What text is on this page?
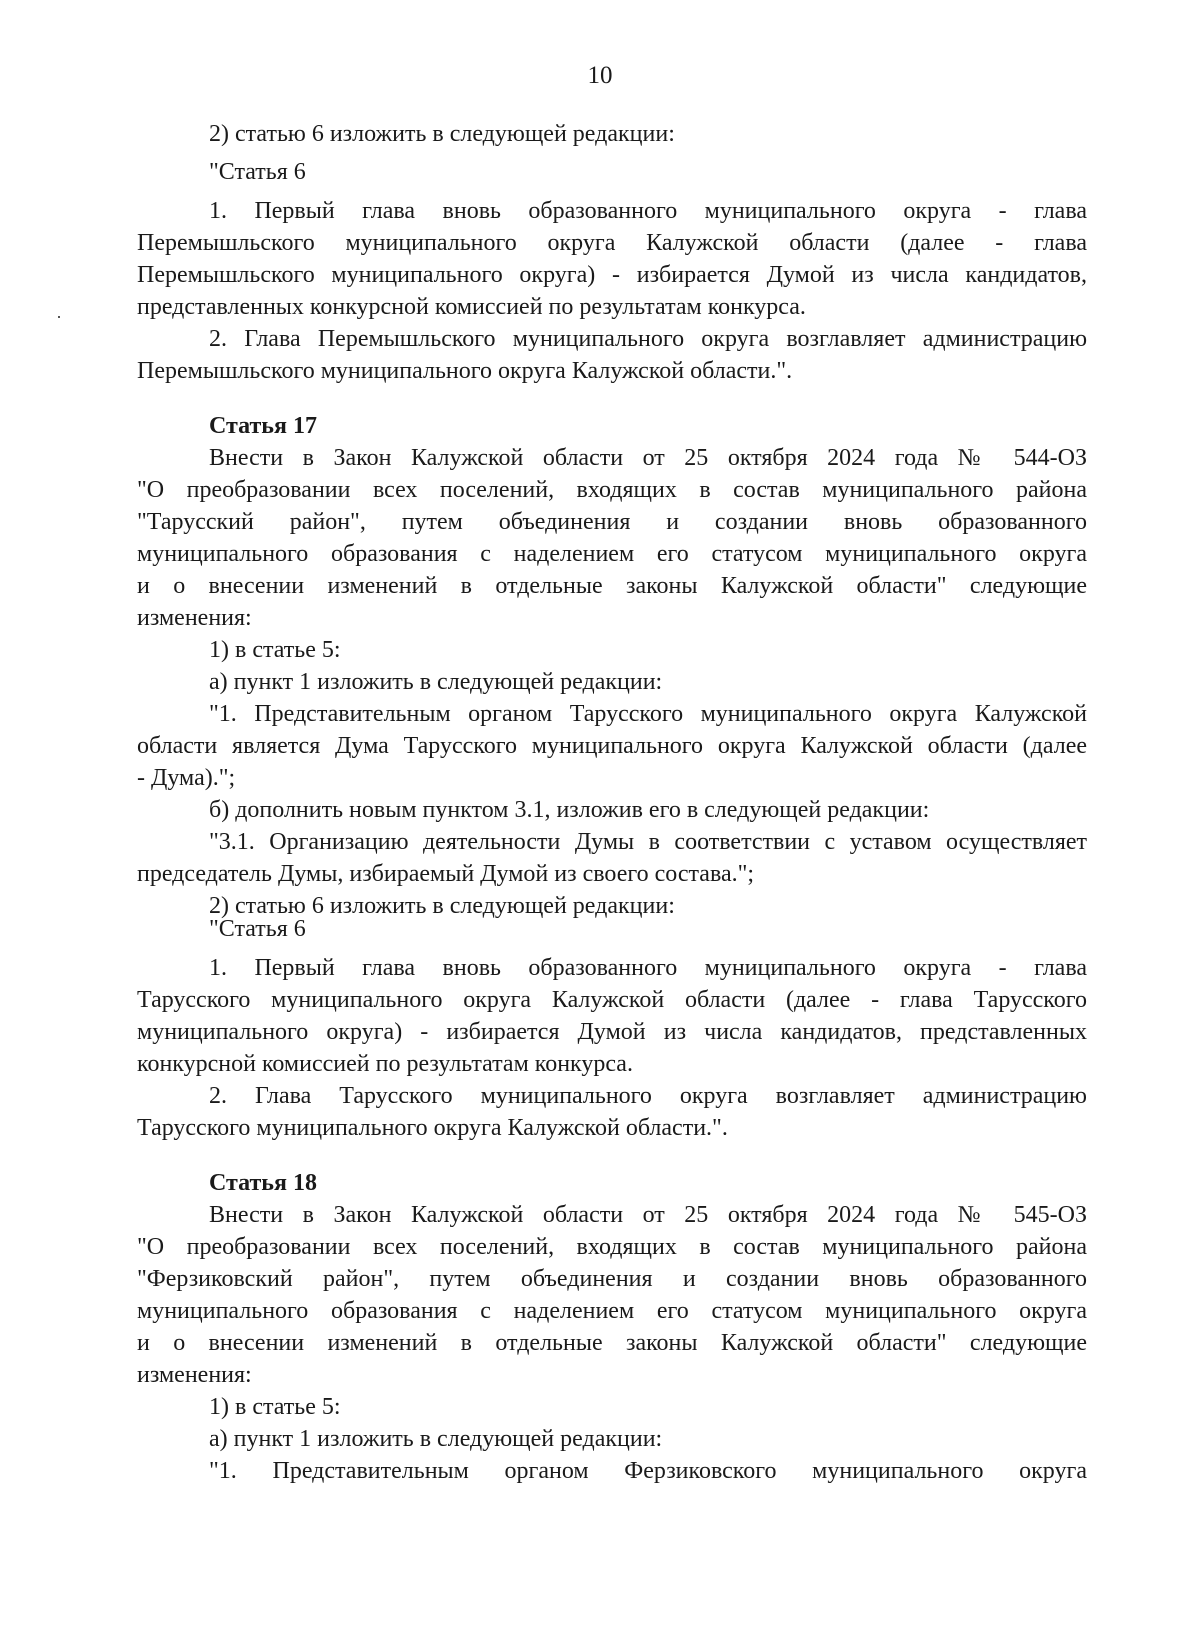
10
2) статью 6 изложить в следующей редакции:
"Статья 6
1. Первый глава вновь образованного муниципального округа - глава
Перемышльского муниципального округа Калужской области (далее - глава
Перемышльского муниципального округа) - избирается Думой из числа кандидатов,
представленных конкурсной комиссией по результатам конкурса.
2. Глава Перемышльского муниципального округа возглавляет администрацию
Перемышльского муниципального округа Калужской области.".
Статья 17
Внести в Закон Калужской области от 25 октября 2024 года № 544-ОЗ
"О преобразовании всех поселений, входящих в состав муниципального района
"Тарусский район", путем объединения и создании вновь образованного
муниципального образования с наделением его статусом муниципального округа
и о внесении изменений в отдельные законы Калужской области" следующие
изменения:
1) в статье 5:
а) пункт 1 изложить в следующей редакции:
"1. Представительным органом Тарусского муниципального округа Калужской
области является Дума Тарусского муниципального округа Калужской области (далее
- Дума).";
б) дополнить новым пунктом 3.1, изложив его в следующей редакции:
"3.1. Организацию деятельности Думы в соответствии с уставом осуществляет
председатель Думы, избираемый Думой из своего состава.";
2) статью 6 изложить в следующей редакции:
"Статья 6
1. Первый глава вновь образованного муниципального округа - глава
Тарусского муниципального округа Калужской области (далее - глава Тарусского
муниципального округа) - избирается Думой из числа кандидатов, представленных
конкурсной комиссией по результатам конкурса.
2. Глава Тарусского муниципального округа возглавляет администрацию
Тарусского муниципального округа Калужской области.".
Статья 18
Внести в Закон Калужской области от 25 октября 2024 года № 545-ОЗ
"О преобразовании всех поселений, входящих в состав муниципального района
"Ферзиковский район", путем объединения и создании вновь образованного
муниципального образования с наделением его статусом муниципального округа
и о внесении изменений в отдельные законы Калужской области" следующие
изменения:
1) в статье 5:
а) пункт 1 изложить в следующей редакции:
"1. Представительным органом Ферзиковского муниципального округа
